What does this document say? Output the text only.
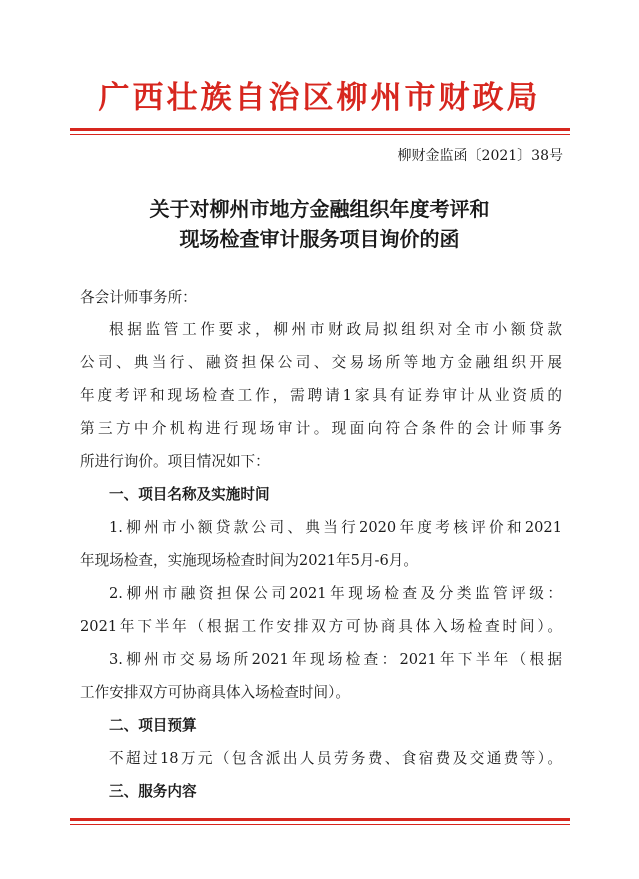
广西壮族自治区柳州市财政局
柳财金监函〔2021〕38号
关于对柳州市地方金融组织年度考评和
现场检查审计服务项目询价的函
各会计师事务所：
根据监管工作要求，柳州市财政局拟组织对全市小额贷款
公司、典当行、融资担保公司、交易场所等地方金融组织开展
年度考评和现场检查工作，需聘请1家具有证券审计从业资质的
第三方中介机构进行现场审计。现面向符合条件的会计师事务
所进行询价。项目情况如下：
一、项目名称及实施时间
1.柳州市小额贷款公司、典当行2020年度考核评价和2021
年现场检查，实施现场检查时间为2021年5月-6月。
2.柳州市融资担保公司2021年现场检查及分类监管评级：
2021年下半年（根据工作安排双方可协商具体入场检查时间）。
3.柳州市交易场所2021年现场检查：2021年下半年（根据
工作安排双方可协商具体入场检查时间）。
二、项目预算
不超过18万元（包含派出人员劳务费、食宿费及交通费等）。
三、服务内容
